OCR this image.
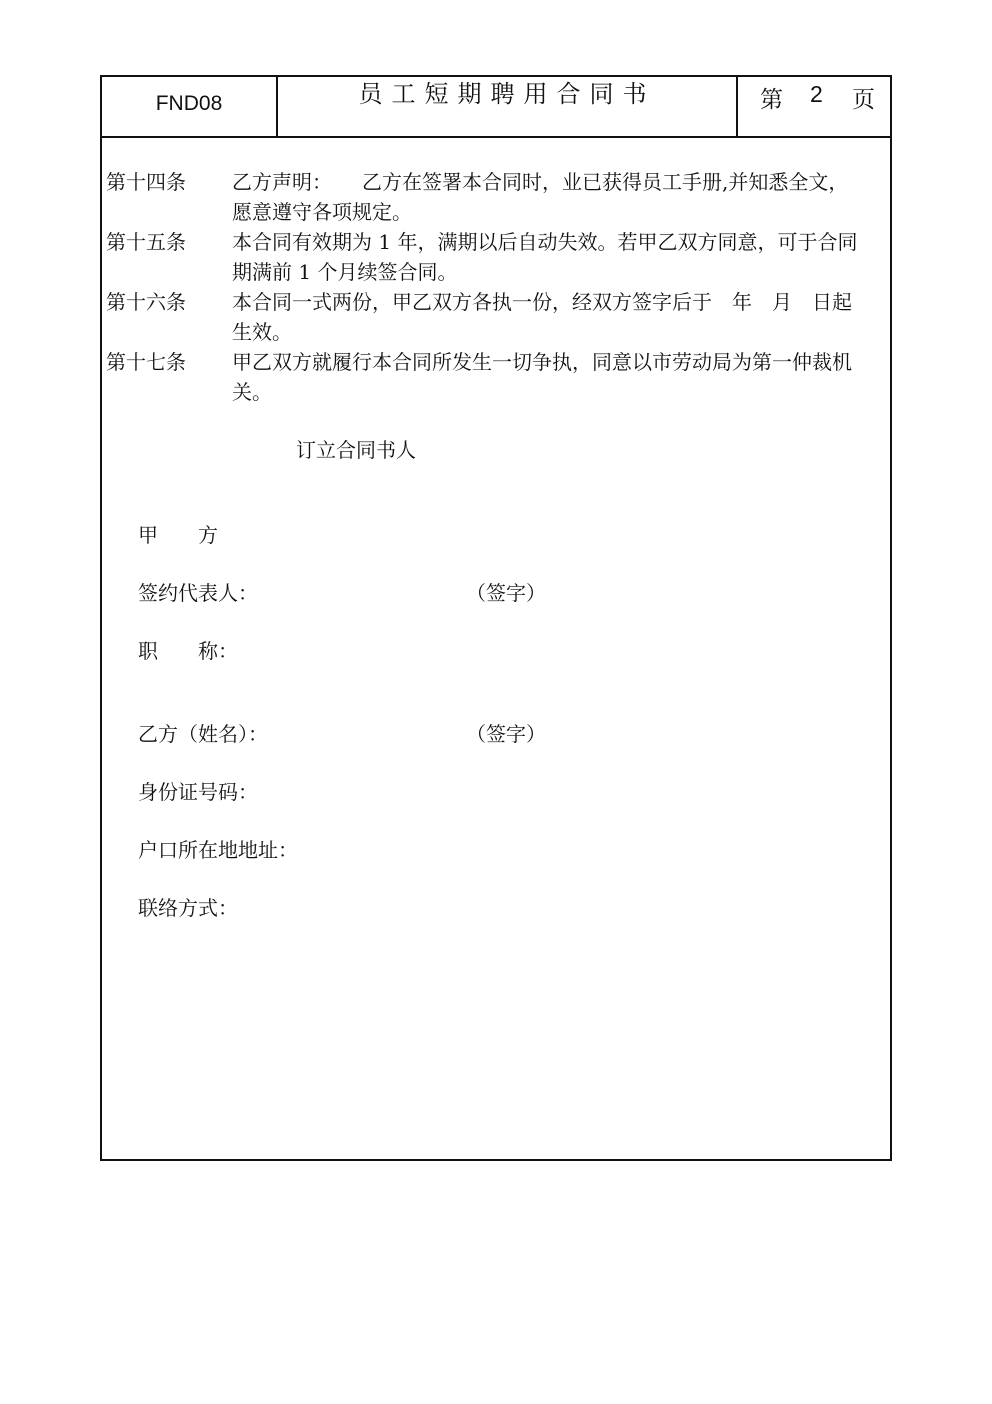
FND08	员工短期聘用合同书	第 2 页
第十四条 乙方声明：　　乙方在签署本合同时，业已获得员工手册,并知悉全文，
愿意遵守各项规定。
第十五条 本合同有效期为 1 年，满期以后自动失效。若甲乙双方同意，可于合同
期满前 1 个月续签合同。
第十六条 本合同一式两份，甲乙双方各执一份，经双方签字后于　年　月　日起
生效。
第十七条 甲乙双方就履行本合同所发生一切争执，同意以市劳动局为第一仲裁机
关。
订立合同书人
甲　　方
签约代表人：	（签字）
职　　称：
乙方（姓名）：	（签字）
身份证号码：
户口所在地地址：
联络方式：
